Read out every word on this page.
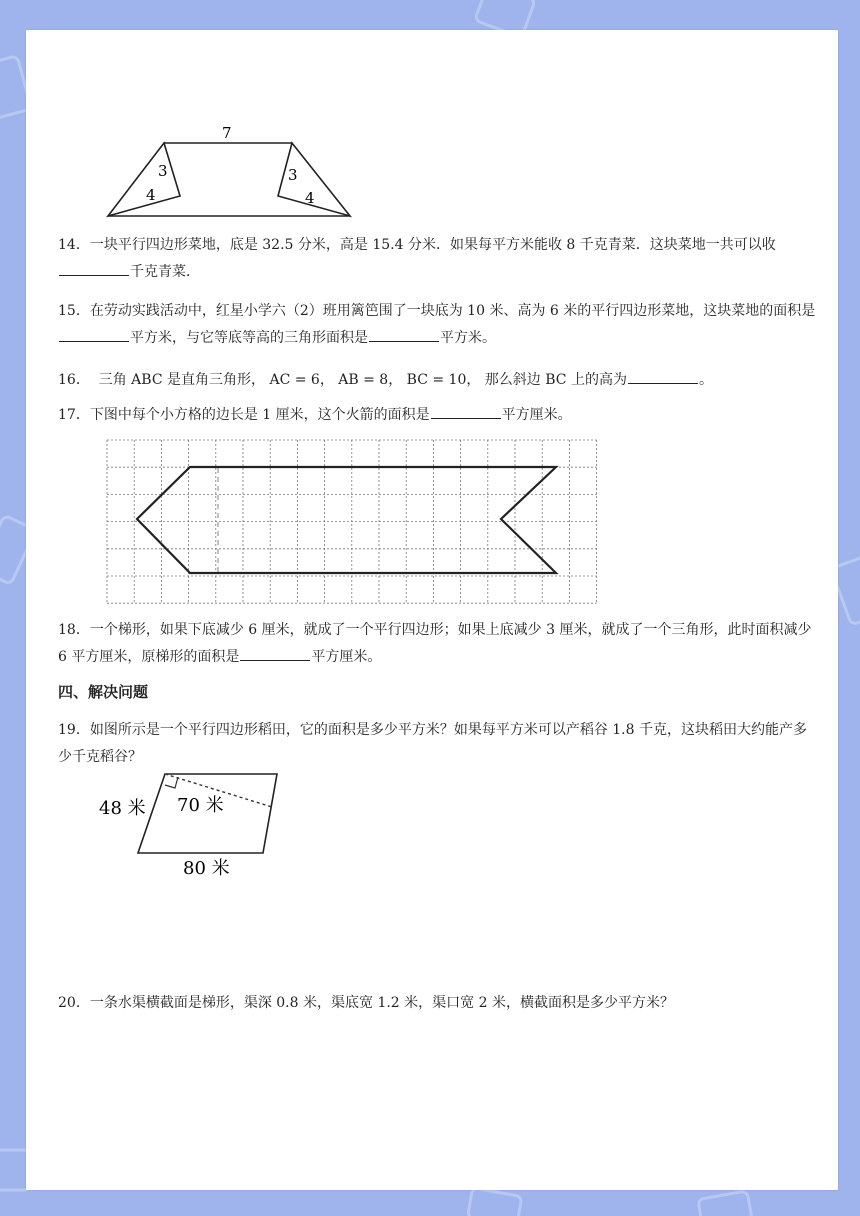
7
3
4
3
4

14．一块平行四边形菜地，底是 32.5 分米，高是 15.4 分米．如果每平方米能收 8 千克青菜．这块菜地一共可以收千克青菜．

15．在劳动实践活动中，红星小学六（2）班用篱笆围了一块底为 10 米、高为 6 米的平行四边形菜地，这块菜地的面积是平方米，与它等底等高的三角形面积是	平方米。

16． 三角 ABC 是直角三角形， AC = 6， AB = 8， BC = 10， 那么斜边 BC 上的高为	。

17．下图中每个小方格的边长是 1 厘米，这个火箭的面积是	平方厘米。

18．一个梯形，如果下底减少 6 厘米，就成了一个平行四边形；如果上底减少 3 厘米，就成了一个三角形，此时面积减少 6 平方厘米，原梯形的面积是	平方厘米。

四、解决问题

19．如图所示是一个平行四边形稻田，它的面积是多少平方米？如果每平方米可以产稻谷 1.8 千克，这块稻田大约能产多少千克稻谷？

48 米 70 米
80 米

20．一条水渠横截面是梯形，渠深 0.8 米，渠底宽 1.2 米，渠口宽 2 米，横截面积是多少平方米？
